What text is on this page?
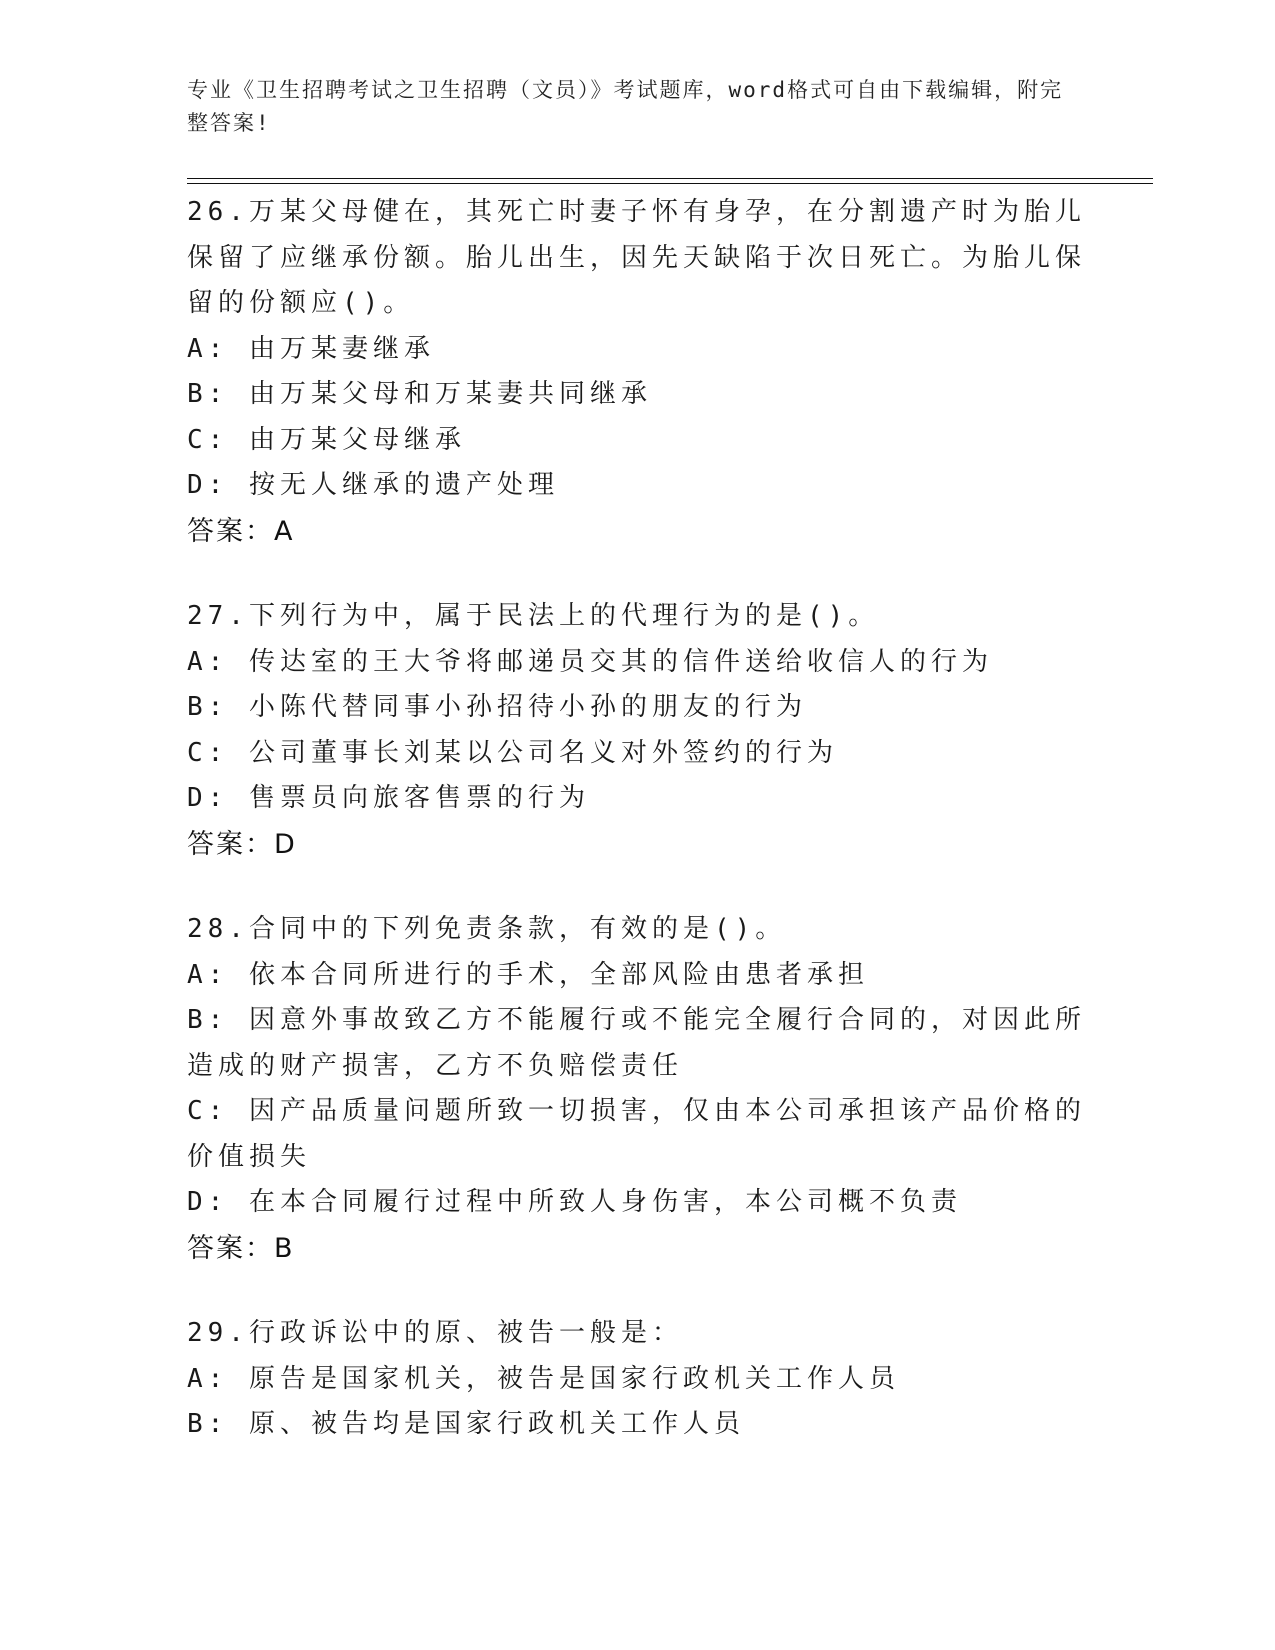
专业《卫生招聘考试之卫生招聘（文员）》考试题库，word格式可自由下载编辑，附完整答案!
26.万某父母健在，其死亡时妻子怀有身孕，在分割遗产时为胎儿保留了应继承份额。胎儿出生，因先天缺陷于次日死亡。为胎儿保留的份额应()。
A: 由万某妻继承
B: 由万某父母和万某妻共同继承
C: 由万某父母继承
D: 按无人继承的遗产处理
答案：A
27.下列行为中，属于民法上的代理行为的是()。
A: 传达室的王大爷将邮递员交其的信件送给收信人的行为
B: 小陈代替同事小孙招待小孙的朋友的行为
C: 公司董事长刘某以公司名义对外签约的行为
D: 售票员向旅客售票的行为
答案：D
28.合同中的下列免责条款，有效的是()。
A: 依本合同所进行的手术，全部风险由患者承担
B: 因意外事故致乙方不能履行或不能完全履行合同的，对因此所造成的财产损害，乙方不负赔偿责任
C: 因产品质量问题所致一切损害，仅由本公司承担该产品价格的价值损失
D: 在本合同履行过程中所致人身伤害，本公司概不负责
答案：B
29.行政诉讼中的原、被告一般是：
A: 原告是国家机关，被告是国家行政机关工作人员
B: 原、被告均是国家行政机关工作人员
